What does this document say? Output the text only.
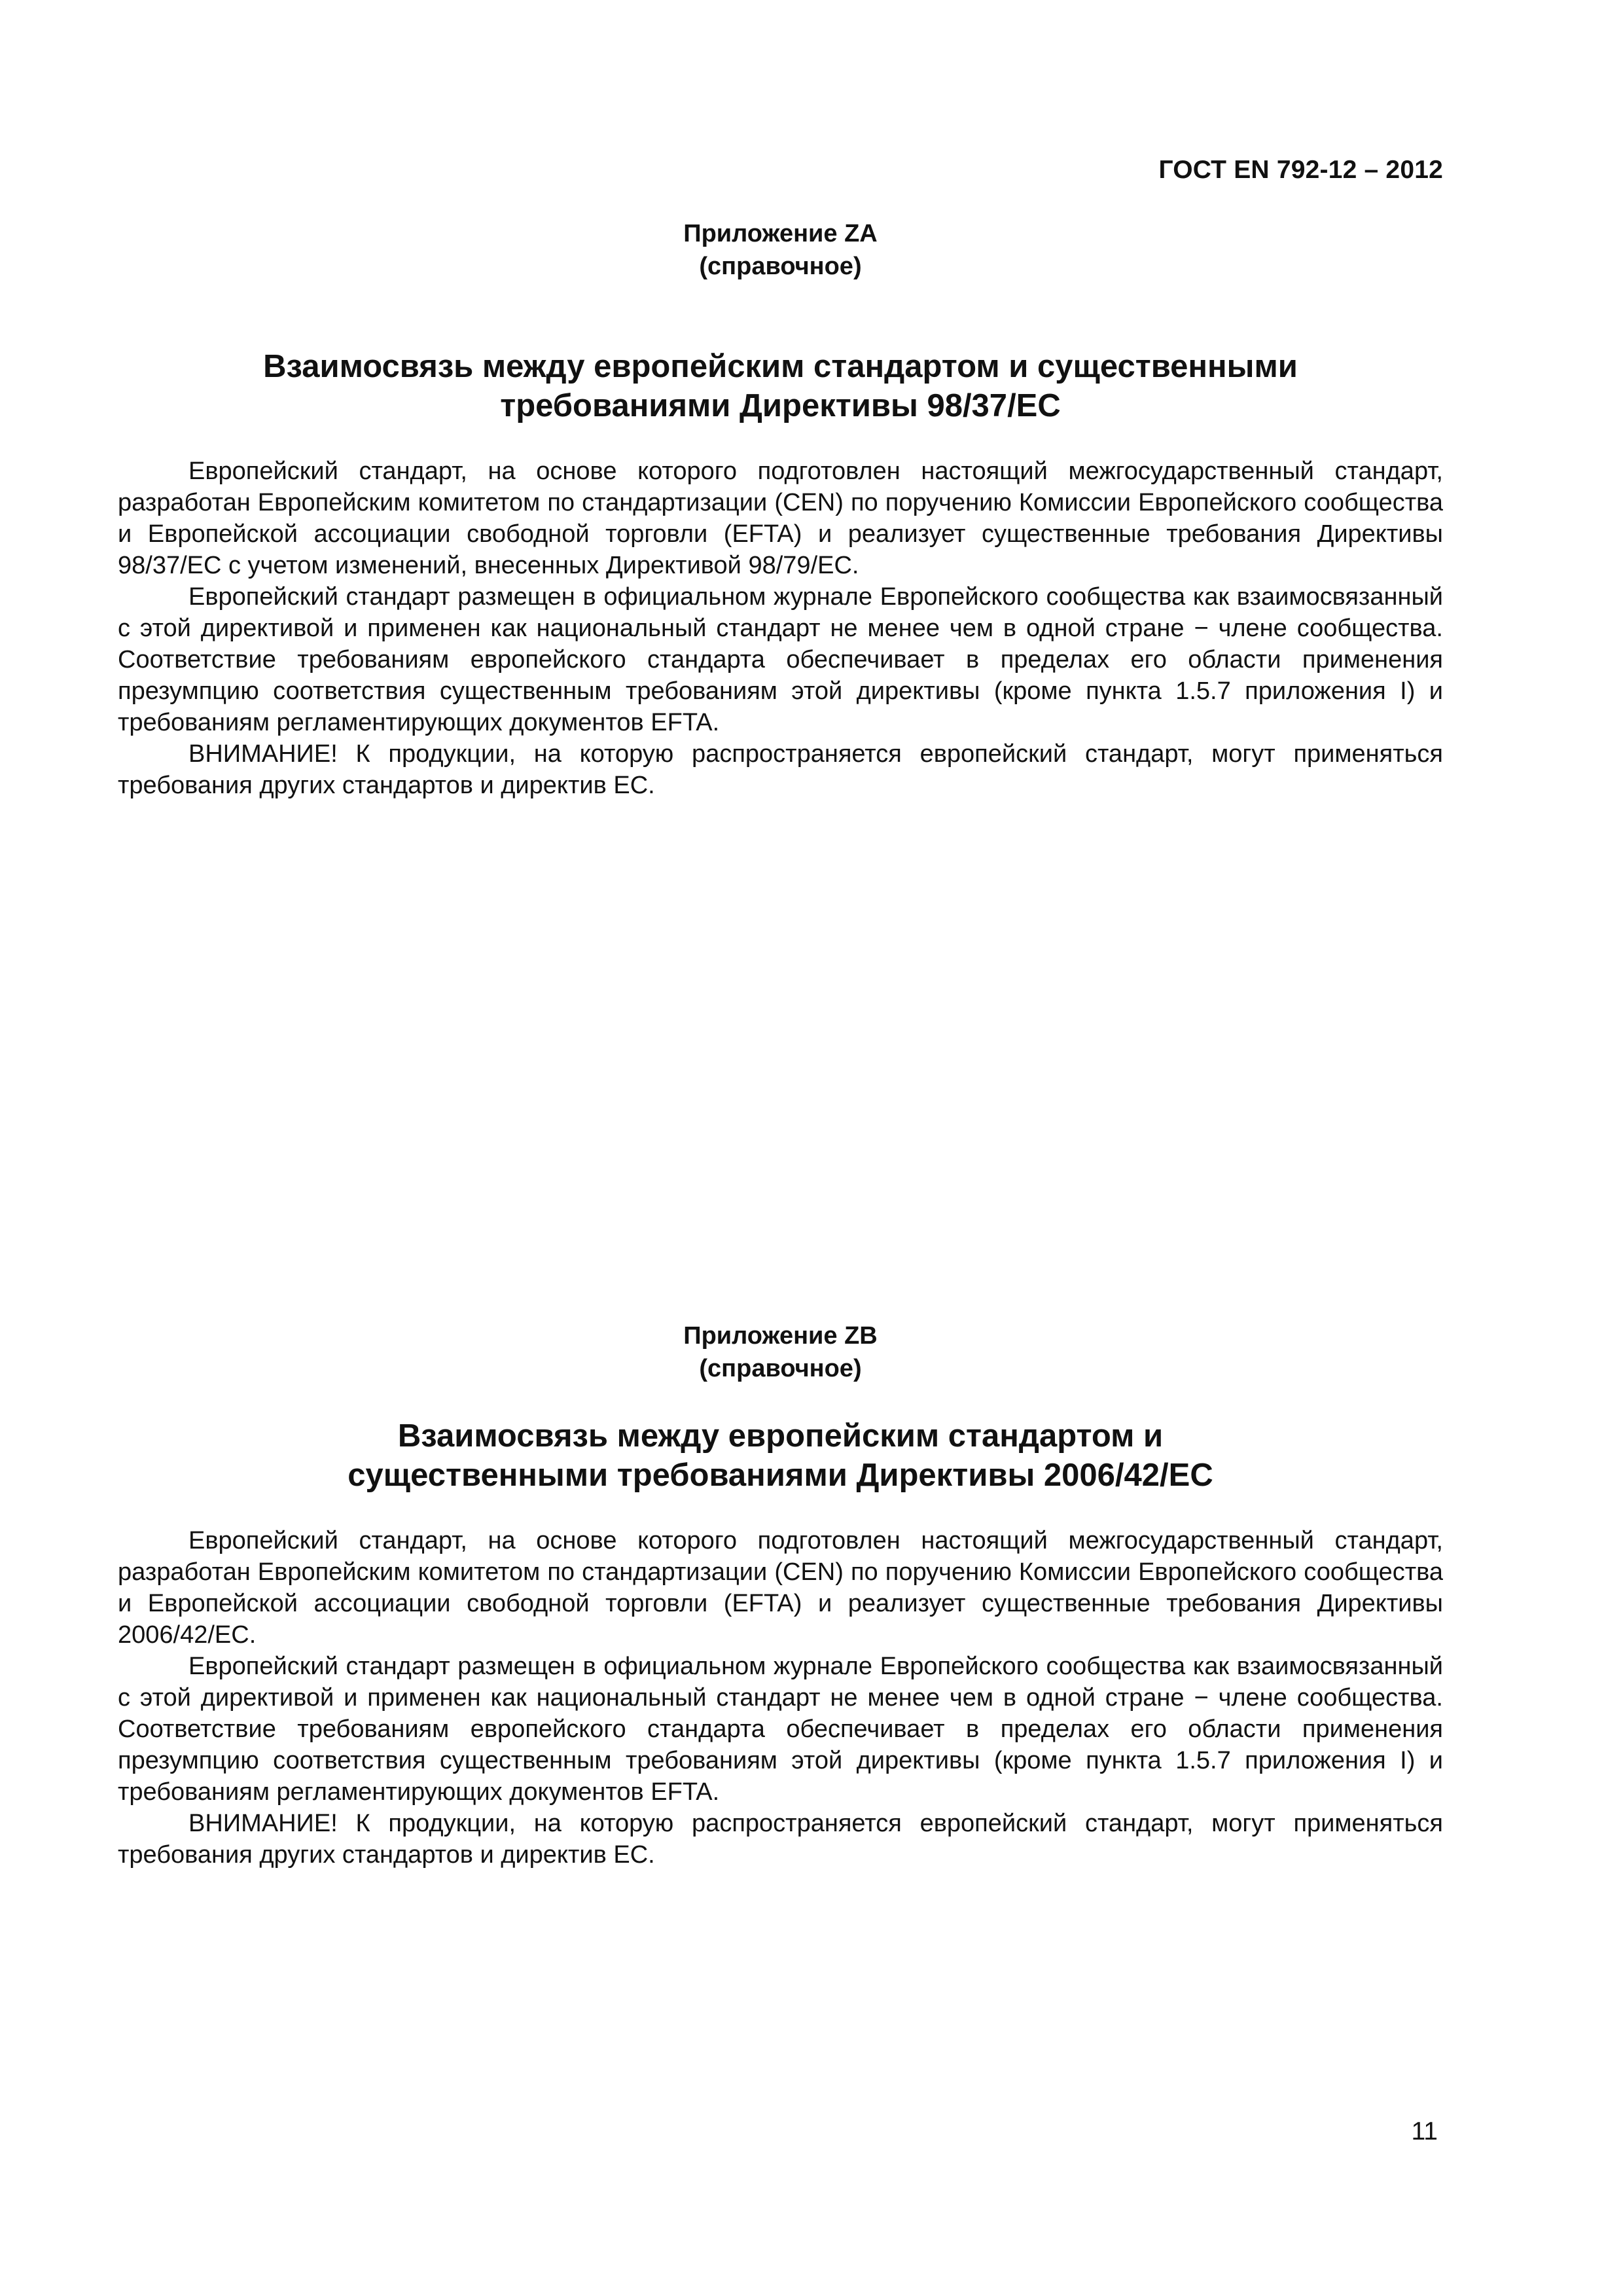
ГОСТ EN 792-12 – 2012
Приложение ZA
(справочное)
Взаимосвязь между европейским стандартом и существенными
требованиями Директивы 98/37/EC

Европейский стандарт, на основе которого подготовлен настоящий межгосударственный стандарт, разработан Европейским комитетом по стандартизации (CEN) по поручению Комиссии Европейского сообщества и Европейской ассоциации свободной торговли (EFTA) и реализует существенные требования Директивы 98/37/EC с учетом изменений, внесенных Директивой 98/79/EC.

Европейский стандарт размещен в официальном журнале Европейского сообщества как взаимосвязанный с этой директивой и применен как национальный стандарт не менее чем в одной стране − члене сообщества. Соответствие требованиям европейского стандарта обеспечивает в пределах его области применения презумпцию соответствия существенным требованиям этой директивы (кроме пункта 1.5.7 приложения I) и требованиям регламентирующих документов EFTA.

ВНИМАНИЕ! К продукции, на которую распространяется европейский стандарт, могут применяться требования других стандартов и директив ЕС.

Приложение ZB
(справочное)
Взаимосвязь между европейским стандартом и
существенными требованиями Директивы 2006/42/EC

Европейский стандарт, на основе которого подготовлен настоящий межгосударственный стандарт, разработан Европейским комитетом по стандартизации (CEN) по поручению Комиссии Европейского сообщества и Европейской ассоциации свободной торговли (EFTA) и реализует существенные требования Директивы 2006/42/EC.

Европейский стандарт размещен в официальном журнале Европейского сообщества как взаимосвязанный с этой директивой и применен как национальный стандарт не менее чем в одной стране − члене сообщества. Соответствие требованиям европейского стандарта обеспечивает в пределах его области применения презумпцию соответствия существенным требованиям этой директивы (кроме пункта 1.5.7 приложения I) и требованиям регламентирующих документов EFTA.

ВНИМАНИЕ! К продукции, на которую распространяется европейский стандарт, могут применяться требования других стандартов и директив ЕС.

11
